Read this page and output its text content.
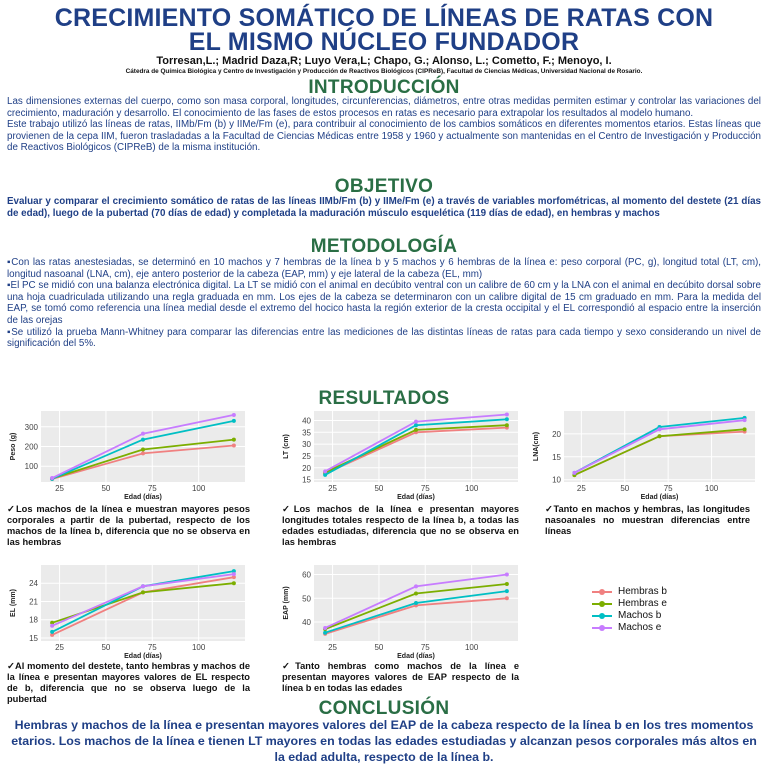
CRECIMIENTO SOMÁTICO DE LÍNEAS DE RATAS CON
EL MISMO NÚCLEO FUNDADOR
Torresan,L.; Madrid Daza,R; Luyo Vera,L; Chapo, G.; Alonso, L.; Cometto, F.; Menoyo, I.
Cátedra de Química Biológica y Centro de Investigación y Producción de Reactivos Biológicos (CIPReB), Facultad de Ciencias Médicas, Universidad Nacional de Rosario.
INTRODUCCIÓN

Las dimensiones externas del cuerpo, como son masa corporal, longitudes, circunferencias, diámetros, entre otras medidas permiten estimar y controlar las variaciones del crecimiento, maduración y desarrollo. El conocimiento de las fases de estos procesos en ratas es necesario para extrapolar los resultados al modelo humano.

Este trabajo utilizó las líneas de ratas, IIMb/Fm (b) y IIMe/Fm (e), para contribuir al conocimiento de los cambios somáticos en diferentes momentos etarios. Estas líneas que provienen de la cepa IIM, fueron trasladadas a la Facultad de Ciencias Médicas entre 1958 y 1960 y actualmente son mantenidas en el Centro de Investigación y Producción de Reactivos Biológicos (CIPReB) de la misma institución.

OBJETIVO
Evaluar y comparar el crecimiento somático de ratas de las líneas IIMb/Fm (b) y IIMe/Fm (e) a través de variables morfométricas, al momento del destete (21 días de edad), luego de la pubertad (70 días de edad) y completada la maduración músculo esquelética (119 días de edad), en hembras y machos
METODOLOGÍA

▪Con las ratas anestesiadas, se determinó en 10 machos y 7 hembras de la línea b y 5 machos y 6 hembras de la línea e: peso corporal (PC, g), longitud total (LT, cm), longitud nasoanal (LNA, cm), eje antero posterior de la cabeza (EAP, mm) y eje lateral de la cabeza (EL, mm)

▪El PC se midió con una balanza electrónica digital. La LT se midió con el animal en decúbito ventral con un calibre de 60 cm y la LNA con el animal en decúbito dorsal sobre una hoja cuadriculada utilizando una regla graduada en mm. Los ejes de la cabeza se determinaron con un calibre digital de 15 cm graduado en mm. Para la medida del EAP, se tomó como referencia una línea medial desde el extremo del hocico hasta la región exterior de la cresta occipital y el EL correspondió al espacio entre la inserción de las orejas

▪Se utilizó la prueba Mann-Whitney para comparar las diferencias entre las mediciones de las distintas líneas de ratas para cada tiempo y sexo considerando un nivel de significación del 5%.

RESULTADOS
100
200
300
25	50	75	100
Edad (días)
Peso (g)
15
20
25
30
35
40
25	50	75	100
Edad (días)
LT (cm)
10
15
20
25	50	75	100
Edad (días)
LNA(cm)
15
18
21
24
25	50	75	100
Edad (días)
EL (mm)
40
50
60
25	50	75	100
Edad (días)
EAP (mm)
✓Los machos de la línea e muestran mayores pesos corporales a partir de la pubertad, respecto de los machos de la línea b, diferencia que no se observa en las hembras
✓Los machos de la línea e presentan mayores longitudes totales respecto de la línea b, a todas las edades estudiadas, diferencia que no se observa en las hembras
✓Tanto en machos y hembras, las longitudes nasoanales no muestran diferencias entre líneas
✓Al momento del destete, tanto hembras y machos de la línea e presentan mayores valores de EL respecto de b, diferencia que no se observa luego de la pubertad
✓Tanto hembras como machos de la línea e presentan mayores valores de EAP respecto de la línea b en todas las edades
Hembras b
Hembras e
Machos b
Machos e
CONCLUSIÓN
Hembras y machos de la línea e presentan mayores valores del EAP de la cabeza respecto de la línea b en los tres momentos etarios. Los machos de la línea e tienen LT mayores en todas las edades estudiadas y alcanzan pesos corporales más altos en la edad adulta, respecto de la línea b.
